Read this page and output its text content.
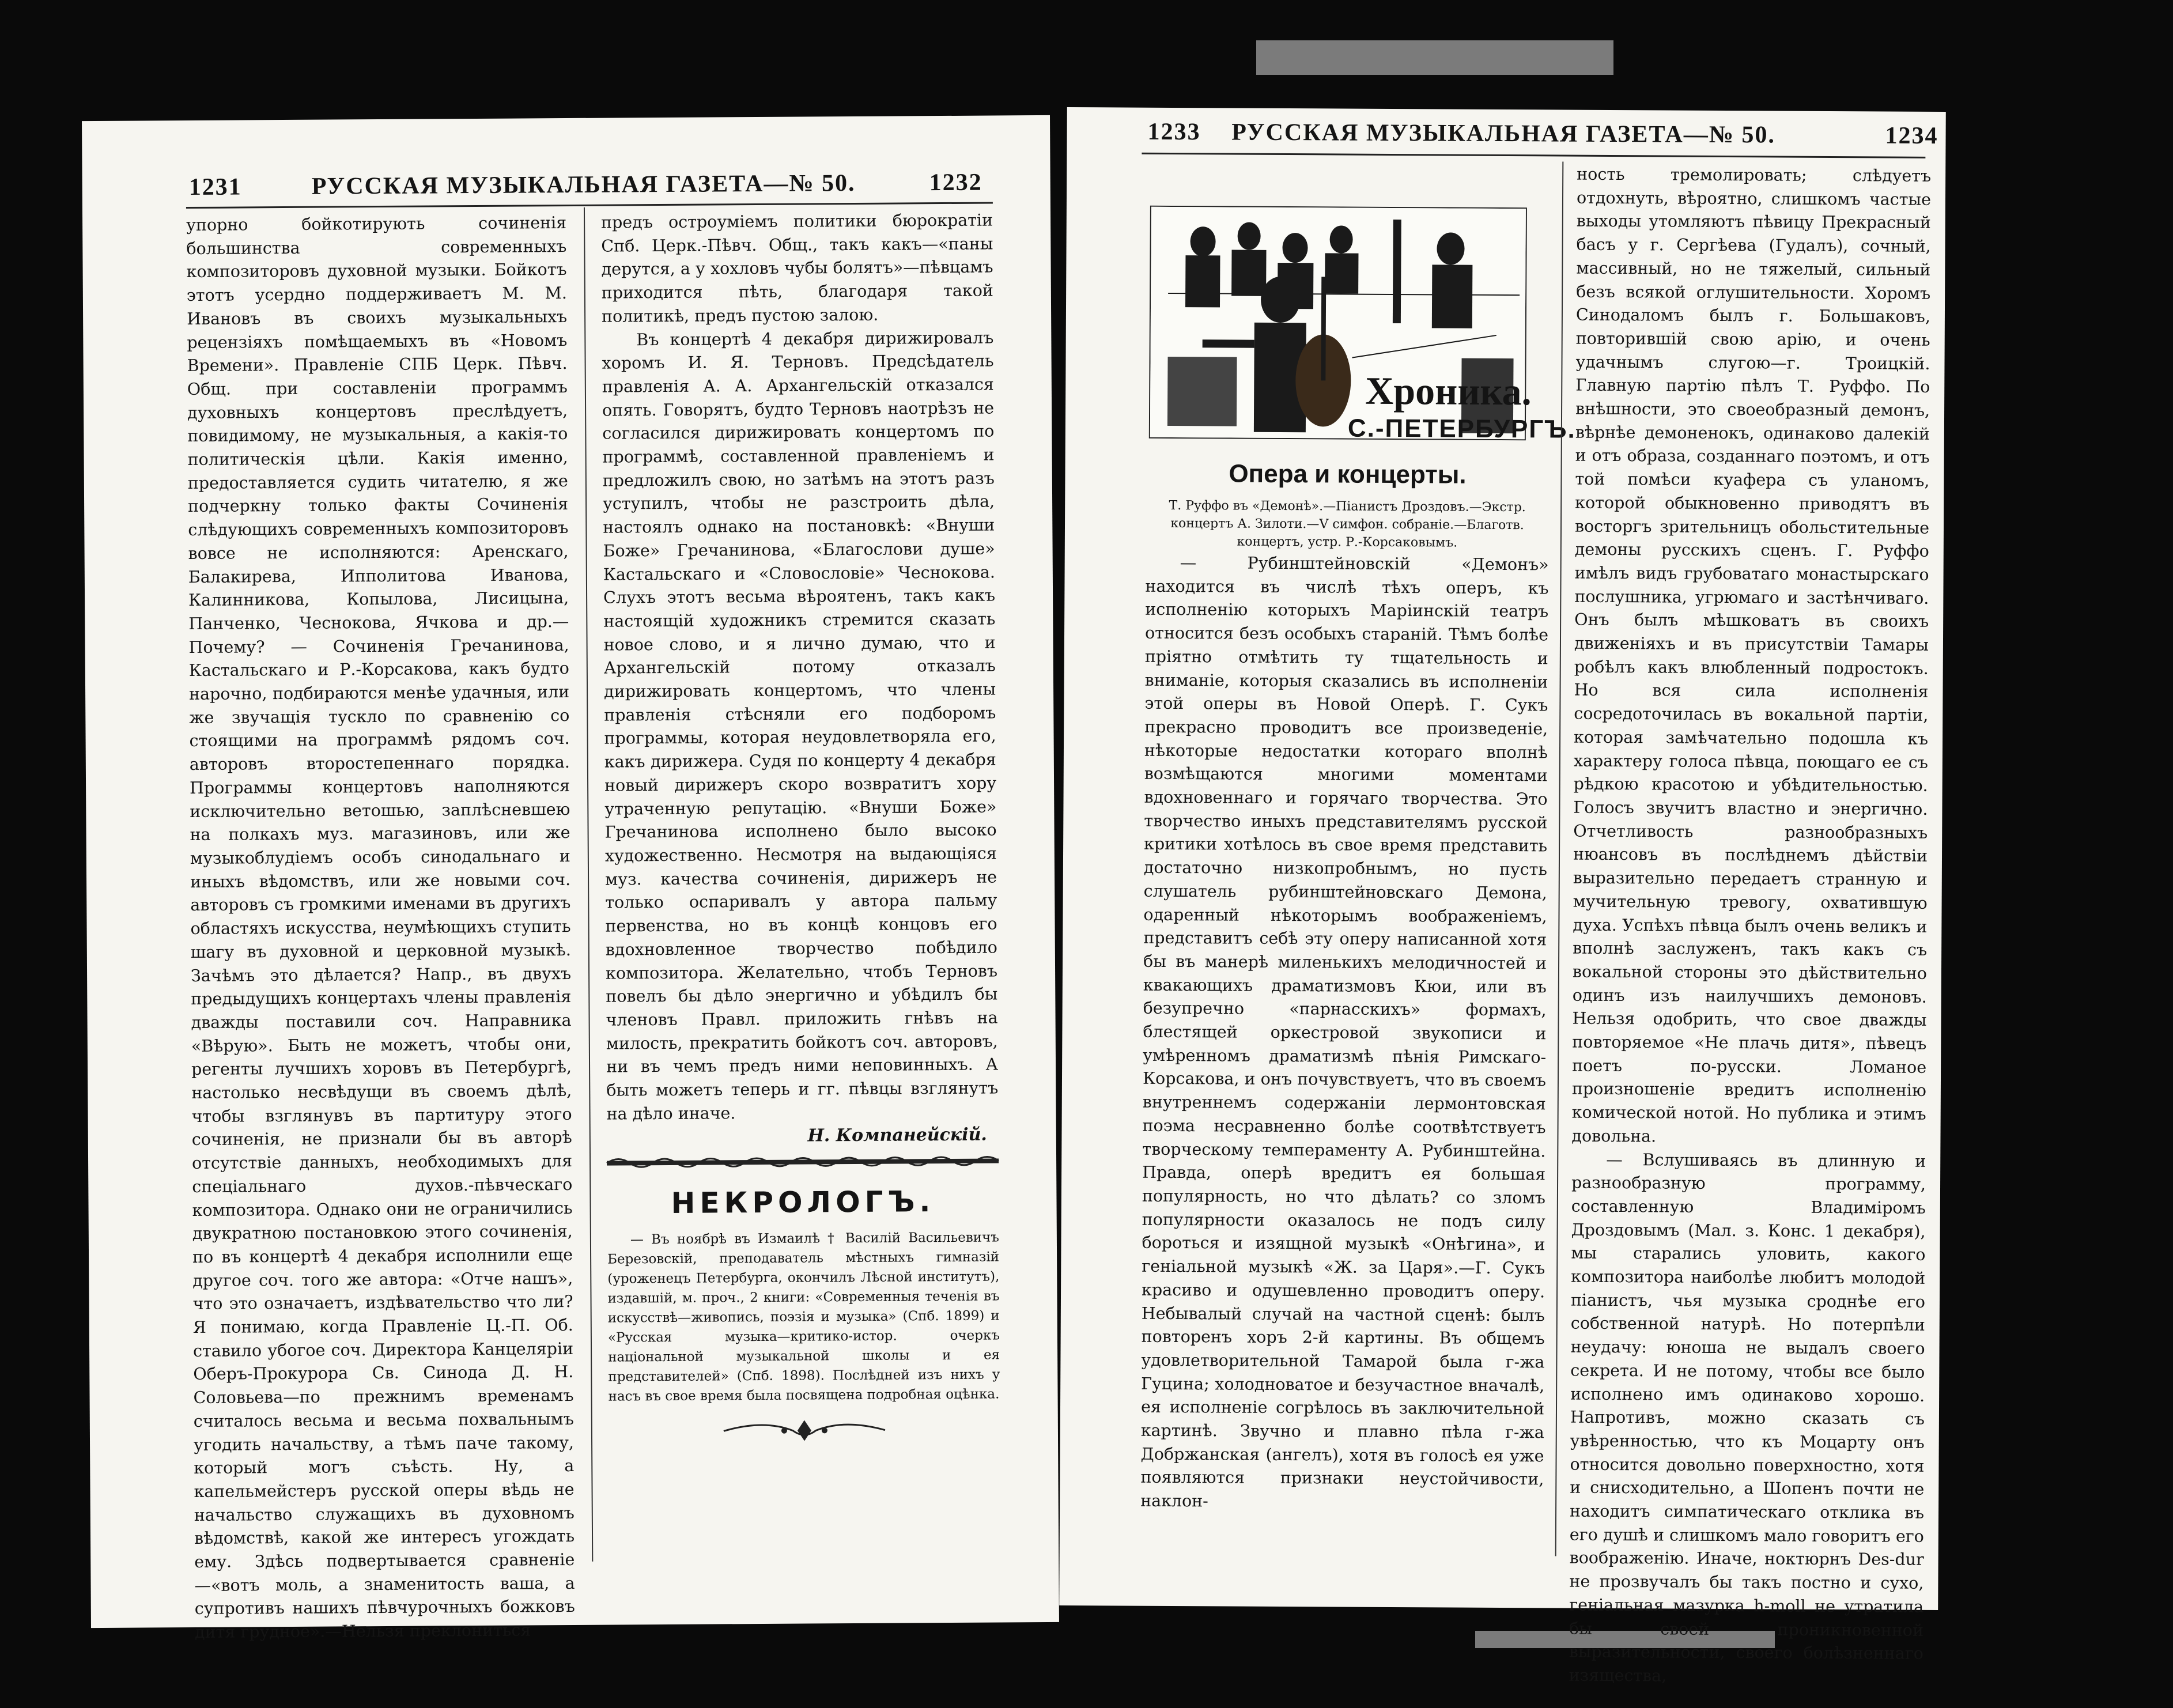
1231	РУССКАЯ МУЗЫКАЛЬНАЯ ГАЗЕТА—№ 50.	1232

упорно бойкотирують сочиненія большинства современныхъ композиторовъ духовной музыки. Бойкотъ этотъ усердно поддерживаетъ М. М. Ивановъ въ своихъ музыкальныхъ рецензіяхъ помѣщаемыхъ въ «Новомъ Времени». Правленіе СПБ Церк. Пѣвч. Общ. при составленіи программъ духовныхъ концертовъ преслѣдуетъ, повидимому, не музыкальныя, а какія-то политическія цѣли. Какія именно, предоставляется судить читателю, я же подчеркну только факты Сочиненія слѣдующихъ современныхъ композиторовъ вовсе не исполняются: Аренскаго, Балакирева, Ипполитова Иванова, Калинникова, Копылова, Лисицына, Панченко, Чеснокова, Ячкова и др.—Почему? — Сочиненія Гречанинова, Кастальскаго и Р.-Корсакова, какъ будто нарочно, подбираются менѣе удачныя, или же звучащія тускло по сравненію со стоящими на программѣ рядомъ соч. авторовъ второстепеннаго порядка. Программы концертовъ наполняются исключительно ветошью, заплѣсневшею на полкахъ муз. магазиновъ, или же музыкоблудіемъ особъ синодальнаго и иныхъ вѣдомствъ, или же новыми соч. авторовъ съ громкими именами въ другихъ областяхъ искусства, неумѣющихъ ступить шагу въ духовной и церковной музыкѣ. Зачѣмъ это дѣлается? Напр., въ двухъ предыдущихъ концертахъ члены правленія дважды поставили соч. Направника «Вѣрую». Быть не можетъ, чтобы они, регенты лучшихъ хоровъ въ Петербургѣ, настолько несвѣдущи въ своемъ дѣлѣ, чтобы взглянувъ въ партитуру этого сочиненія, не признали бы въ авторѣ отсутствіе данныхъ, необходимыхъ для спеціальнаго духов.-пѣвческаго композитора. Однако они не ограничились двукратною постановкою этого сочиненія, по въ концертѣ 4 декабря исполнили еще другое соч. того же автора: «Отче нашъ», что это означаетъ, издѣвательство что ли? Я понимаю, когда Правленіе Ц.-П. Об. ставило убогое соч. Директора Канцеляріи Оберъ-Прокурора Св. Синода Д. Н. Соловьева—по прежнимъ временамъ считалось весьма и весьма похвальнымъ угодить начальству, а тѣмъ паче такому, который могъ съѣсть. Ну, а капельмейстеръ русской оперы вѣдь не начальство служащихъ въ духовномъ вѣдомствѣ, какой же интересъ угождать ему. Здѣсь подвертывается сравненіе—«вотъ моль, а знаменитость ваша, а супротивъ нашихъ пѣвчурочныхъ божковъ дитя грудное».—Нельзя преклониться

предъ остроуміемъ политики бюрократіи Спб. Церк.-Пѣвч. Общ., такъ какъ—«паны дерутся, а у хохловъ чубы болятъ»—пѣвцамъ приходится пѣть, благодаря такой политикѣ, предъ пустою залою.

Въ концертѣ 4 декабря дирижировалъ хоромъ И. Я. Терновъ. Предсѣдатель правленія А. А. Архангельскій отказался опять. Говорятъ, будто Терновъ наотрѣзъ не согласился дирижировать концертомъ по программѣ, составленной правленіемъ и предложилъ свою, но затѣмъ на этотъ разъ уступилъ, чтобы не разстроить дѣла, настоялъ однако на постановкѣ: «Внуши Боже» Гречанинова, «Благослови душе» Кастальскаго и «Словословіе» Чеснокова. Слухъ этотъ весьма вѣроятенъ, такъ какъ настоящій художникъ стремится сказать новое слово, и я лично думаю, что и Архангельскій потому отказалъ дирижировать концертомъ, что члены правленія стѣсняли его подборомъ программы, которая неудовлетворяла его, какъ дирижера. Судя по концерту 4 декабря новый дирижеръ скоро возвратитъ хору утраченную репутацію. «Внуши Боже» Гречанинова исполнено было высоко художественно. Несмотря на выдающіяся муз. качества сочиненія, дирижеръ не только оспаривалъ у автора пальму первенства, но въ концѣ концовъ его вдохновленное творчество побѣдило композитора. Желательно, чтобъ Терновъ повелъ бы дѣло энергично и убѣдилъ бы членовъ Правл. приложить гнѣвъ на милость, прекратить бойкотъ соч. авторовъ, ни въ чемъ предъ ними неповинныхъ. А быть можетъ теперь и гг. пѣвцы взглянутъ на дѣло иначе.

Н. Компанейскій.
НЕКРОЛОГЪ.

— Въ ноябрѣ въ Измаилѣ † Василій Васильевичъ Березовскій, преподаватель мѣстныхъ гимназій (уроженецъ Петербурга, окончилъ Лѣсной институтъ), издавшій, м. проч., 2 книги: «Современныя теченія въ искусствѣ—живопись, поэзія и музыка» (Спб. 1899) и «Русская музыка—критико-истор. очеркъ національной музыкальной школы и ея представителей» (Спб. 1898). Послѣдней изъ нихъ у насъ въ свое время была посвящена подробная оцѣнка.

1233	РУССКАЯ МУЗЫКАЛЬНАЯ ГАЗЕТА—№ 50.	1234
Хроника.
С.-ПЕТЕРБУРГЪ.
Опера и концерты.
Т. Руффо въ «Демонѣ».—Піанистъ Дроздовъ.—Экстр. концертъ А. Зилоти.—V симфон. собраніе.—Благотв. концертъ, устр. Р.-Корсаковымъ.

— Рубинштейновскій «Демонъ» находится въ числѣ тѣхъ оперъ, къ исполненію которыхъ Маріинскій театръ относится безъ особыхъ стараній. Тѣмъ болѣе пріятно отмѣтить ту тщательность и вниманіе, которыя сказались въ исполненіи этой оперы въ Новой Оперѣ. Г. Сукъ прекрасно проводитъ все произведеніе, нѣкоторые недостатки котораго вполнѣ возмѣщаются многими моментами вдохновеннаго и горячаго творчества. Это творчество иныхъ представителямъ русской критики хотѣлось въ свое время представить достаточно низкопробнымъ, но пусть слушатель рубинштейновскаго Демона, одаренный нѣкоторымъ воображеніемъ, представитъ себѣ эту оперу написанной хотя бы въ манерѣ миленькихъ мелодичностей и квакающихъ драматизмовъ Кюи, или въ безупречно «парнасскихъ» формахъ, блестящей оркестровой звукописи и умѣренномъ драматизмѣ пѣнія Римскаго-Корсакова, и онъ почувствуетъ, что въ своемъ внутреннемъ содержаніи лермонтовская поэма несравненно болѣе соотвѣтствуетъ творческому темпераменту А. Рубинштейна. Правда, оперѣ вредитъ ея большая популярность, но что дѣлать? со зломъ популярности оказалось не подъ силу бороться и изящной музыкѣ «Онѣгина», и геніальной музыкѣ «Ж. за Царя».—Г. Сукъ красиво и одушевленно проводитъ оперу. Небывалый случай на частной сценѣ: былъ повторенъ хоръ 2-й картины. Въ общемъ удовлетворительной Тамарой была г-жа Гуцина; холодноватое и безучастное вначалѣ, ея исполненіе согрѣлось въ заключительной картинѣ. Звучно и плавно пѣла г-жа Добржанская (ангелъ), хотя въ голосѣ ея уже появляются признаки неустойчивости, наклон-

ность тремолировать; слѣдуетъ отдохнуть, вѣроятно, слишкомъ частые выходы утомляютъ пѣвицу Прекрасный басъ у г. Сергѣева (Гудалъ), сочный, массивный, но не тяжелый, сильный безъ всякой оглушительности. Хоромъ Синодаломъ былъ г. Большаковъ, повторившій свою арію, и очень удачнымъ слугою—г. Троицкій. Главную партію пѣлъ Т. Руффо. По внѣшности, это своеобразный демонъ, вѣрнѣе демоненокъ, одинаково далекій и отъ образа, созданнаго поэтомъ, и отъ той помѣси куафера съ уланомъ, которой обыкновенно приводятъ въ восторгъ зрительницъ обольстительные демоны русскихъ сценъ. Г. Руффо имѣлъ видъ грубоватаго монастырскаго послушника, угрюмаго и застѣнчиваго. Онъ былъ мѣшковатъ въ своихъ движеніяхъ и въ присутствіи Тамары робѣлъ какъ влюбленный подростокъ. Но вся сила исполненія сосредоточилась въ вокальной партіи, которая замѣчательно подошла къ характеру голоса пѣвца, поющаго ее съ рѣдкою красотою и убѣдительностью. Голосъ звучитъ властно и энергично. Отчетливость разнообразныхъ нюансовъ въ послѣднемъ дѣйствіи выразительно передаетъ странную и мучительную тревогу, охватившую духа. Успѣхъ пѣвца былъ очень великъ и вполнѣ заслуженъ, такъ какъ съ вокальной стороны это дѣйствительно одинъ изъ наилучшихъ демоновъ. Нельзя одобрить, что свое дважды повторяемое «Не плачь дитя», пѣвецъ поетъ по-русски. Ломаное произношеніе вредитъ исполненію комической нотой. Но публика и этимъ довольна.

— Вслушиваясь въ длинную и разнообразную программу, составленную Владиміромъ Дроздовымъ (Мал. з. Конс. 1 декабря), мы старались уловить, какого композитора наиболѣе любитъ молодой піанистъ, чья музыка сроднѣе его собственной натурѣ. Но потерпѣли неудачу: юноша не выдалъ своего секрета. И не потому, чтобы все было исполнено имъ одинаково хорошо. Напротивъ, можно сказать съ увѣренностью, что къ Моцарту онъ относится довольно поверхностно, хотя и сниcходительно, а Шопенъ почти не находитъ симпатическаго отклика въ его душѣ и слишкомъ мало говоритъ его воображенію. Иначе, ноктюрнъ Des-dur не прозвучалъ бы такъ постно и сухо, геніальная мазурка h-moll не утратила бы своей проникновенной выразительности, своего болѣзненнаго изящества,
